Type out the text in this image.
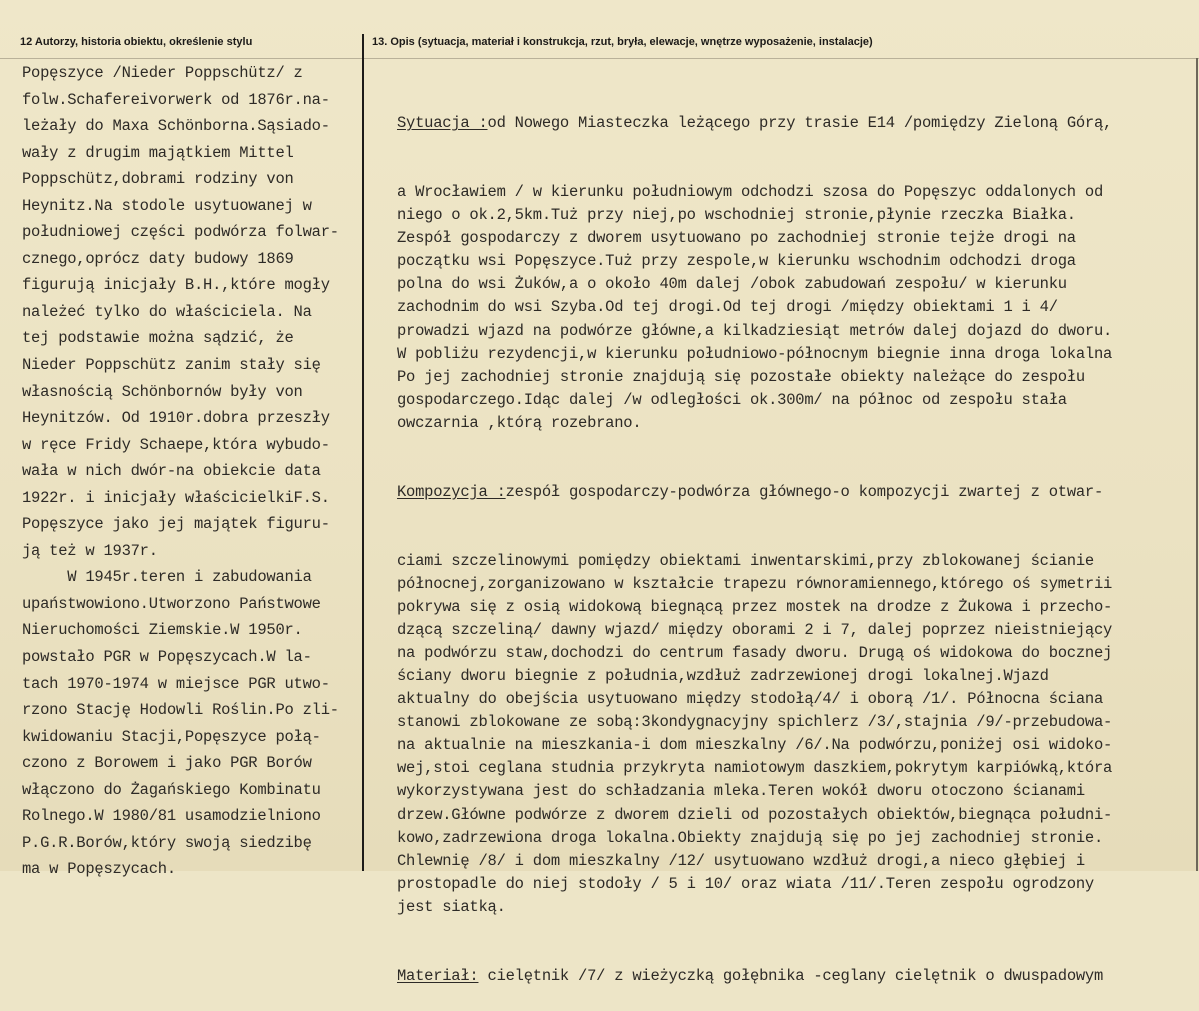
12 Autorzy, historia obiektu, określenie stylu	13. Opis (sytuacja, materiał i konstrukcja, rzut, bryła, elewacje, wnętrze wyposażenie, instalacje)
Popęszyce /Nieder Poppschütz/ z
folw.Schafereivorwerk od 1876r.na-
leżały do Maxa Schönborna.Sąsiado-
wały z drugim majątkiem Mittel
Poppschütz,dobrami rodziny von
Heynitz.Na stodole usytuowanej w
południowej części podwórza folwar-
cznego,oprócz daty budowy 1869
figurują inicjały B.H.,które mogły
należeć tylko do właściciela. Na
tej podstawie można sądzić, że
Nieder Poppschütz zanim stały się
własnością Schönbornów były von
Heynitzów. Od 1910r.dobra przeszły
w ręce Fridy Schaepe,która wybudo-
wała w nich dwór-na obiekcie data
1922r. i inicjały właścicielkiF.S.
Popęszyce jako jej majątek figuru-
ją też w 1937r.
W 1945r.teren i zabudowania
upaństwowiono.Utworzono Państwowe
Nieruchomości Ziemskie.W 1950r.
powstało PGR w Popęszycach.W la-
tach 1970-1974 w miejsce PGR utwo-
rzono Stację Hodowli Roślin.Po zli-
kwidowaniu Stacji,Popęszyce połą-
czono z Borowem i jako PGR Borów
włączono do Żagańskiego Kombinatu
Rolnego.W 1980/81 usamodzielniono
P.G.R.Borów,który swoją siedzibę
ma w Popęszycach.

Sytuacja :od Nowego Miasteczka leżącego przy trasie E14 /pomiędzy Zieloną Górą,

a Wrocławiem / w kierunku południowym odchodzi szosa do Popęszyc oddalonych od
niego o ok.2,5km.Tuż przy niej,po wschodniej stronie,płynie rzeczka Białka.
Zespół gospodarczy z dworem usytuowano po zachodniej stronie tejże drogi na
początku wsi Popęszyce.Tuż przy zespole,w kierunku wschodnim odchodzi droga
polna do wsi Żuków,a o około 40m dalej /obok zabudowań zespołu/ w kierunku
zachodnim do wsi Szyba.Od tej drogi.Od tej drogi /między obiektami 1 i 4/
prowadzi wjazd na podwórze główne,a kilkadziesiąt metrów dalej dojazd do dworu.
W pobliżu rezydencji,w kierunku południowo-północnym biegnie inna droga lokalna
Po jej zachodniej stronie znajdują się pozostałe obiekty należące do zespołu
gospodarczego.Idąc dalej /w odległości ok.300m/ na północ od zespołu stała
owczarnia ,którą rozebrano.

Kompozycja :zespół gospodarczy-podwórza głównego-o kompozycji zwartej z otwar-

ciami szczelinowymi pomiędzy obiektami inwentarskimi,przy zblokowanej ścianie
północnej,zorganizowano w kształcie trapezu równoramiennego,którego oś symetrii
pokrywa się z osią widokową biegnącą przez mostek na drodze z Żukowa i przecho-
dzącą szczeliną/ dawny wjazd/ między oborami 2 i 7, dalej poprzez nieistniejący
na podwórzu staw,dochodzi do centrum fasady dworu. Drugą oś widokowa do bocznej
ściany dworu biegnie z południa,wzdłuż zadrzewionej drogi lokalnej.Wjazd
aktualny do obejścia usytuowano między stodołą/4/ i oborą /1/. Północna ściana
stanowi zblokowane ze sobą:3kondygnacyjny spichlerz /3/,stajnia /9/-przebudowa-
na aktualnie na mieszkania-i dom mieszkalny /6/.Na podwórzu,poniżej osi widoko-
wej,stoi ceglana studnia przykryta namiotowym daszkiem,pokrytym karpiówką,która
wykorzystywana jest do schładzania mleka.Teren wokół dworu otoczono ścianami
drzew.Główne podwórze z dworem dzieli od pozostałych obiektów,biegnąca południ-
kowo,zadrzewiona droga lokalna.Obiekty znajdują się po jej zachodniej stronie.
Chlewnię /8/ i dom mieszkalny /12/ usytuowano wzdłuż drogi,a nieco głębiej i
prostopadle do niej stodoły / 5 i 10/ oraz wiata /11/.Teren zespołu ogrodzony
jest siatką.

Materiał: cielętnik /7/ z wieżyczką gołębnika -ceglany cielętnik o dwuspadowym
